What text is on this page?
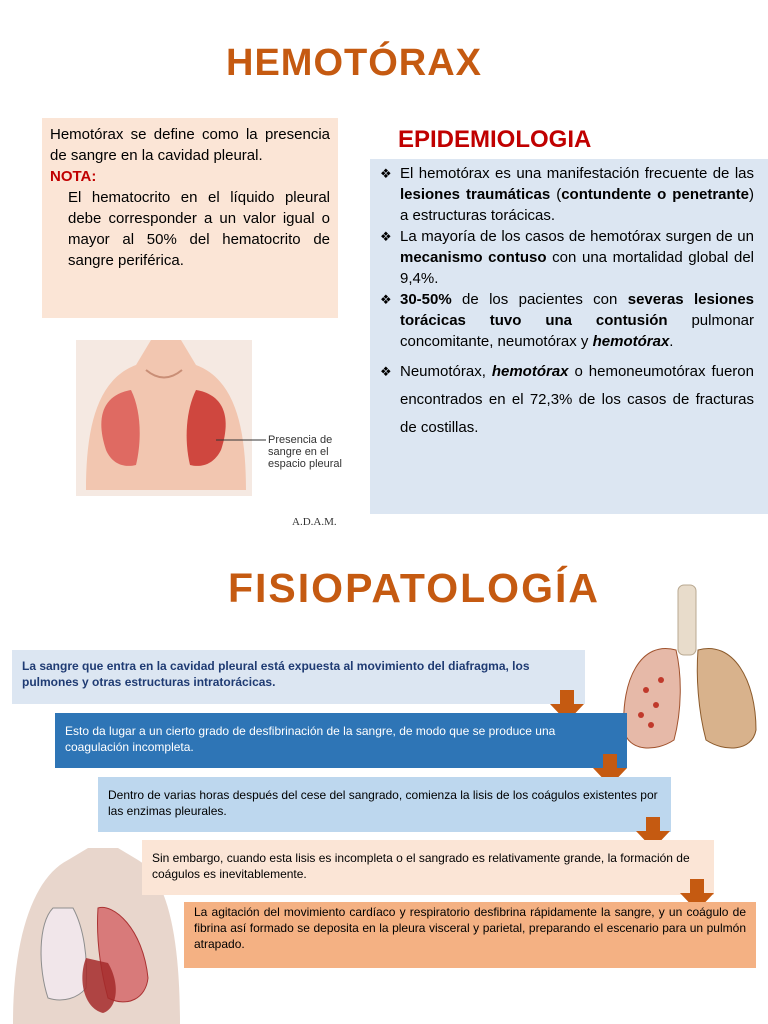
HEMOTÓRAX
Hemotórax se define como la presencia de sangre en la cavidad pleural.
NOTA:
El hematocrito en el líquido pleural debe corresponder a un valor igual o mayor al 50% del hematocrito de sangre periférica.
Presencia de
sangre en el
espacio pleural
A.D.A.M.
EPIDEMIOLOGIA
❖ El hemotórax es una manifestación frecuente de las lesiones traumáticas (contundente o penetrante) a estructuras torácicas.
❖ La mayoría de los casos de hemotórax surgen de un mecanismo contuso con una mortalidad global del 9,4%.
❖ 30-50% de los pacientes con severas lesiones torácicas tuvo una contusión pulmonar concomitante, neumotórax y hemotórax.
❖ Neumotórax, hemotórax o hemoneumotórax fueron encontrados en el 72,3% de los casos de fracturas de costillas.
FISIOPATOLOGÍA
La sangre que entra en la cavidad pleural está expuesta al movimiento del diafragma, los pulmones y otras estructuras intratorácicas.
Esto da lugar a un cierto grado de desfibrinación de la sangre, de modo que se produce una coagulación incompleta.
Dentro de varias horas después del cese del sangrado, comienza la lisis de los coágulos existentes por las enzimas pleurales.
Sin embargo, cuando esta lisis es incompleta o el sangrado es relativamente grande, la formación de coágulos es inevitablemente.
La agitación del movimiento cardíaco y respiratorio desfibrina rápidamente la sangre, y un coágulo de fibrina así formado se deposita en la pleura visceral y parietal, preparando el escenario para un pulmón atrapado.
